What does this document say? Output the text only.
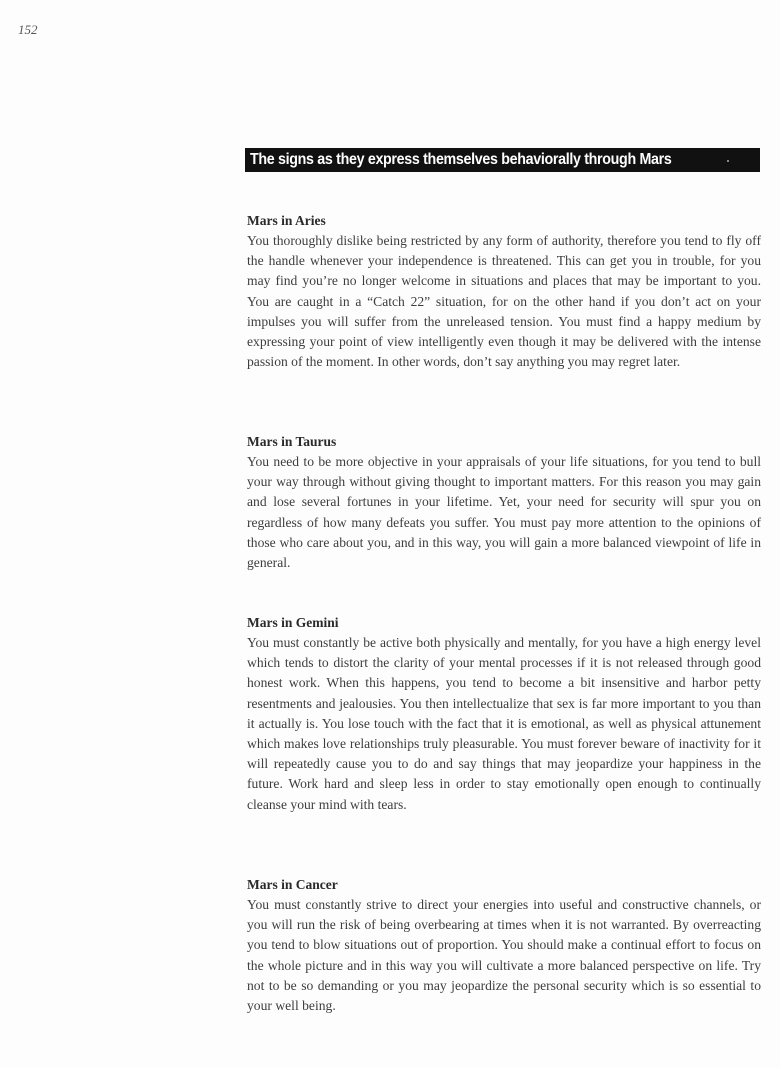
152
The signs as they express themselves behaviorally through Mars
Mars in Aries

You thoroughly dislike being restricted by any form of authority, therefore you tend to fly off the handle whenever your independence is threatened. This can get you in trouble, for you may find you’re no longer welcome in situations and places that may be important to you. You are caught in a “Catch 22” situation, for on the other hand if you don’t act on your impulses you will suffer from the unreleased tension. You must find a happy medium by expressing your point of view intelligently even though it may be delivered with the intense passion of the moment. In other words, don’t say anything you may regret later.

Mars in Taurus

You need to be more objective in your appraisals of your life situations, for you tend to bull your way through without giving thought to important matters. For this reason you may gain and lose several fortunes in your lifetime. Yet, your need for security will spur you on regardless of how many defeats you suffer. You must pay more attention to the opinions of those who care about you, and in this way, you will gain a more balanced viewpoint of life in general.

Mars in Gemini

You must constantly be active both physically and mentally, for you have a high energy level which tends to distort the clarity of your mental processes if it is not released through good honest work. When this happens, you tend to become a bit insensitive and harbor petty resentments and jealousies. You then intellectualize that sex is far more important to you than it actually is. You lose touch with the fact that it is emotional, as well as physical attunement which makes love relationships truly pleasurable. You must forever beware of inactivity for it will repeatedly cause you to do and say things that may jeopardize your happiness in the future. Work hard and sleep less in order to stay emotionally open enough to continually cleanse your mind with tears.

Mars in Cancer

You must constantly strive to direct your energies into useful and constructive channels, or you will run the risk of being overbearing at times when it is not warranted. By overreacting you tend to blow situations out of proportion. You should make a continual effort to focus on the whole picture and in this way you will cultivate a more balanced perspective on life. Try not to be so demanding or you may jeopardize the personal security which is so essential to your well being.
